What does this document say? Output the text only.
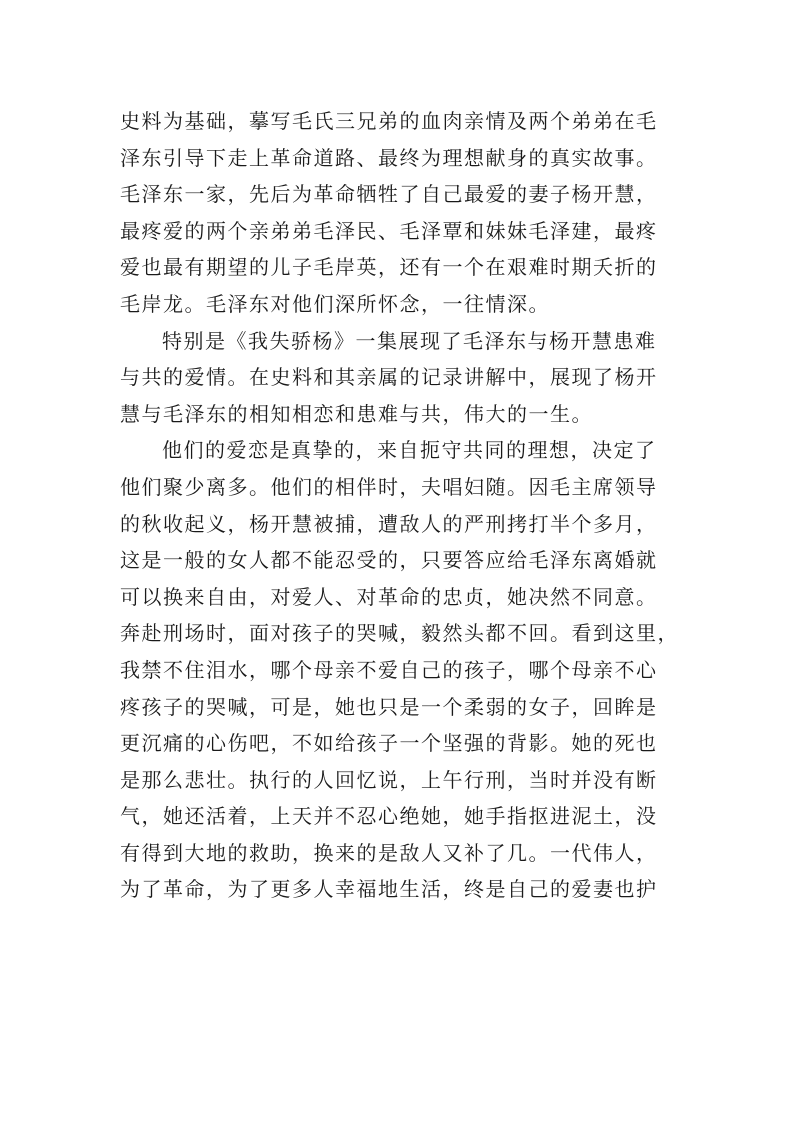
史料为基础，摹写毛氏三兄弟的血肉亲情及两个弟弟在毛
泽东引导下走上革命道路、最终为理想献身的真实故事。
毛泽东一家，先后为革命牺牲了自己最爱的妻子杨开慧，
最疼爱的两个亲弟弟毛泽民、毛泽覃和妹妹毛泽建，最疼
爱也最有期望的儿子毛岸英，还有一个在艰难时期夭折的
毛岸龙。毛泽东对他们深所怀念，一往情深。
特别是《我失骄杨》一集展现了毛泽东与杨开慧患难
与共的爱情。在史料和其亲属的记录讲解中，展现了杨开
慧与毛泽东的相知相恋和患难与共，伟大的一生。
他们的爱恋是真挚的，来自扼守共同的理想，决定了
他们聚少离多。他们的相伴时，夫唱妇随。因毛主席领导
的秋收起义，杨开慧被捕，遭敌人的严刑拷打半个多月，
这是一般的女人都不能忍受的，只要答应给毛泽东离婚就
可以换来自由，对爱人、对革命的忠贞，她决然不同意。
奔赴刑场时，面对孩子的哭喊，毅然头都不回。看到这里，
我禁不住泪水，哪个母亲不爱自己的孩子，哪个母亲不心
疼孩子的哭喊，可是，她也只是一个柔弱的女子，回眸是
更沉痛的心伤吧，不如给孩子一个坚强的背影。她的死也
是那么悲壮。执行的人回忆说，上午行刑，当时并没有断
气，她还活着，上天并不忍心绝她，她手指抠进泥土，没
有得到大地的救助，换来的是敌人又补了几。一代伟人，
为了革命，为了更多人幸福地生活，终是自己的爱妻也护
